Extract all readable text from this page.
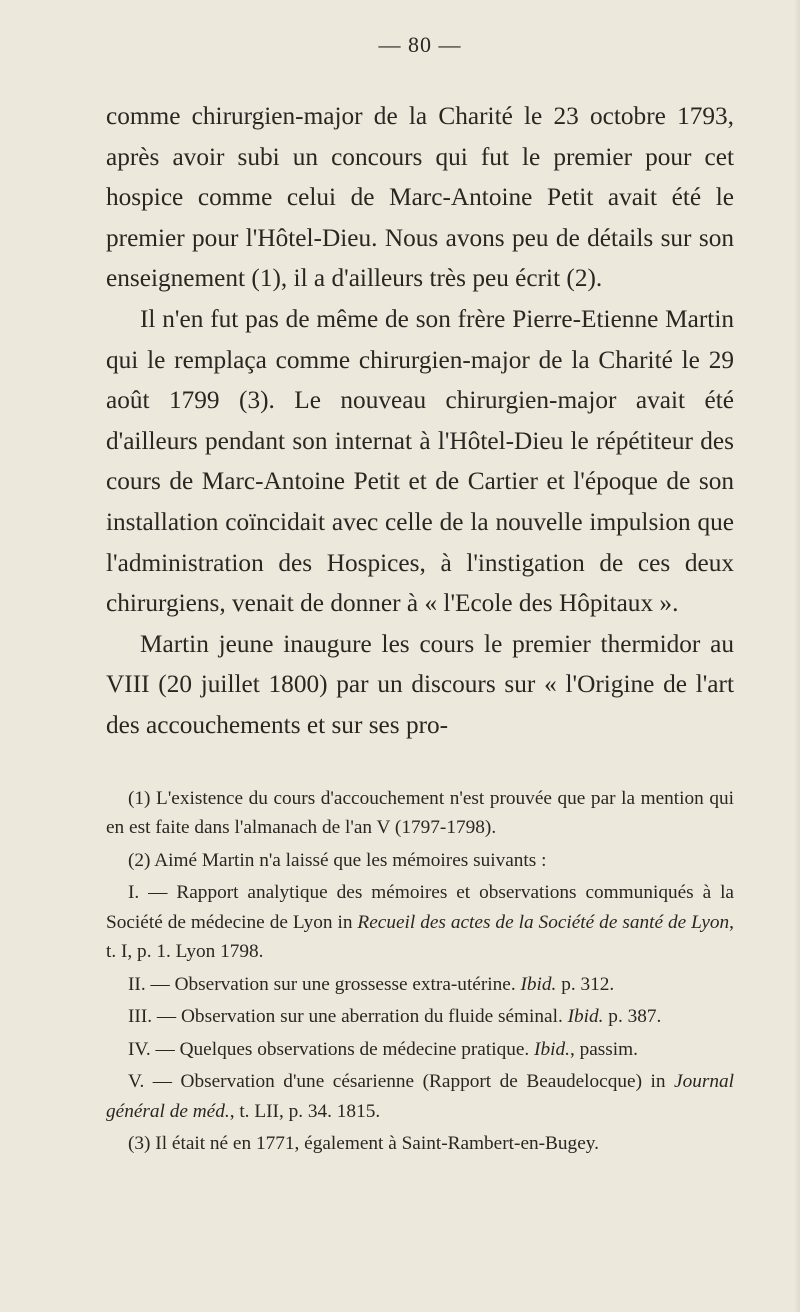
— 80 —

comme chirurgien-major de la Charité le 23 octobre 1793, après avoir subi un concours qui fut le premier pour cet hospice comme celui de Marc-Antoine Petit avait été le premier pour l'Hôtel-Dieu. Nous avons peu de détails sur son enseignement (1), il a d'ailleurs très peu écrit (2).

Il n'en fut pas de même de son frère Pierre-Etienne Martin qui le remplaça comme chirurgien-major de la Charité le 29 août 1799 (3). Le nouveau chirurgien-major avait été d'ailleurs pendant son internat à l'Hôtel-Dieu le répétiteur des cours de Marc-Antoine Petit et de Cartier et l'époque de son installation coïncidait avec celle de la nouvelle impulsion que l'administration des Hospices, à l'instigation de ces deux chirurgiens, venait de donner à « l'Ecole des Hôpitaux ».

Martin jeune inaugure les cours le premier thermidor au VIII (20 juillet 1800) par un discours sur « l'Origine de l'art des accouchements et sur ses pro-

(1) L'existence du cours d'accouchement n'est prouvée que par la mention qui en est faite dans l'almanach de l'an V (1797-1798).

(2) Aimé Martin n'a laissé que les mémoires suivants :

I. — Rapport analytique des mémoires et observations communiqués à la Société de médecine de Lyon in Recueil des actes de la Société de santé de Lyon, t. I, p. 1. Lyon 1798.

II. — Observation sur une grossesse extra-utérine. Ibid. p. 312.

III. — Observation sur une aberration du fluide séminal. Ibid. p. 387.

IV. — Quelques observations de médecine pratique. Ibid., passim.

V. — Observation d'une césarienne (Rapport de Beaudelocque) in Journal général de méd., t. LII, p. 34. 1815.

(3) Il était né en 1771, également à Saint-Rambert-en-Bugey.
